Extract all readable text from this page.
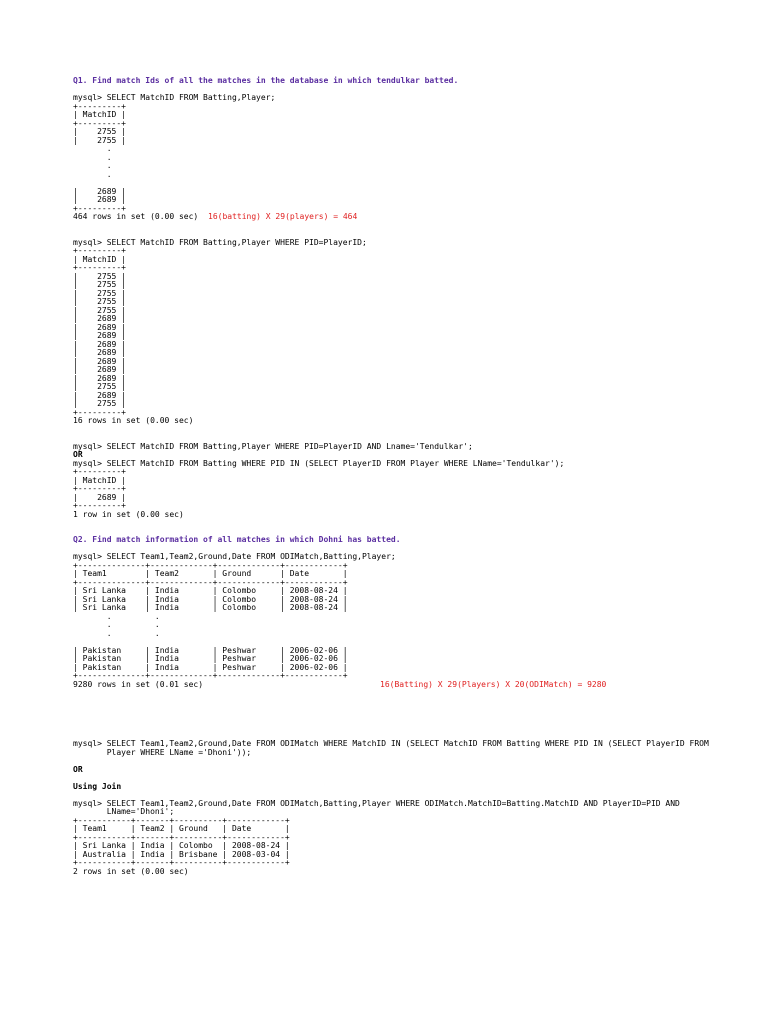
Q1. Find match Ids of all the matches in the database in which tendulkar batted.
mysql> SELECT MatchID FROM Batting,Player;
+---------+
| MatchID |
+---------+
|    2755 |
|    2755 |
.
.
.
.
|    2689 |
|    2689 |
+---------+
464 rows in set (0.00 sec)	16(batting) X 29(players) = 464
mysql> SELECT MatchID FROM Batting,Player WHERE PID=PlayerID;
+---------+
| MatchID |
+---------+
|    2755 |
|    2755 |
|    2755 |
|    2755 |
|    2755 |
|    2689 |
|    2689 |
|    2689 |
|    2689 |
|    2689 |
|    2689 |
|    2689 |
|    2689 |
|    2755 |
|    2689 |
|    2755 |
+---------+
16 rows in set (0.00 sec)
mysql> SELECT MatchID FROM Batting,Player WHERE PID=PlayerID AND Lname='Tendulkar';
OR
mysql> SELECT MatchID FROM Batting WHERE PID IN (SELECT PlayerID FROM Player WHERE LName='Tendulkar');
+---------+
| MatchID |
+---------+
|    2689 |
+---------+
1 row in set (0.00 sec)
Q2. Find match information of all matches in which Dohni has batted.
mysql> SELECT Team1,Team2,Ground,Date FROM ODIMatch,Batting,Player;
+--------------+-------------+-------------+------------+
| Team1        | Team2       | Ground      | Date       |
+--------------+-------------+-------------+------------+
| Sri Lanka    | India       | Colombo     | 2008-08-24 |
| Sri Lanka    | India       | Colombo     | 2008-08-24 |
| Sri Lanka    | India       | Colombo     | 2008-08-24 |
.         .
.         .
.         .
| Pakistan     | India       | Peshwar     | 2006-02-06 |
| Pakistan     | India       | Peshwar     | 2006-02-06 |
| Pakistan     | India       | Peshwar     | 2006-02-06 |
+--------------+-------------+-------------+------------+
9280 rows in set (0.01 sec)	16(Batting) X 29(Players) X 20(ODIMatch) = 9280
mysql> SELECT Team1,Team2,Ground,Date FROM ODIMatch WHERE MatchID IN (SELECT MatchID FROM Batting WHERE PID IN (SELECT PlayerID FROM
Player WHERE LName ='Dhoni'));
OR
Using Join
mysql> SELECT Team1,Team2,Ground,Date FROM ODIMatch,Batting,Player WHERE ODIMatch.MatchID=Batting.MatchID AND PlayerID=PID AND
LName='Dhoni';
+-----------+-------+----------+------------+
| Team1     | Team2 | Ground   | Date       |
+-----------+-------+----------+------------+
| Sri Lanka | India | Colombo  | 2008-08-24 |
| Australia | India | Brisbane | 2008-03-04 |
+-----------+-------+----------+------------+
2 rows in set (0.00 sec)
